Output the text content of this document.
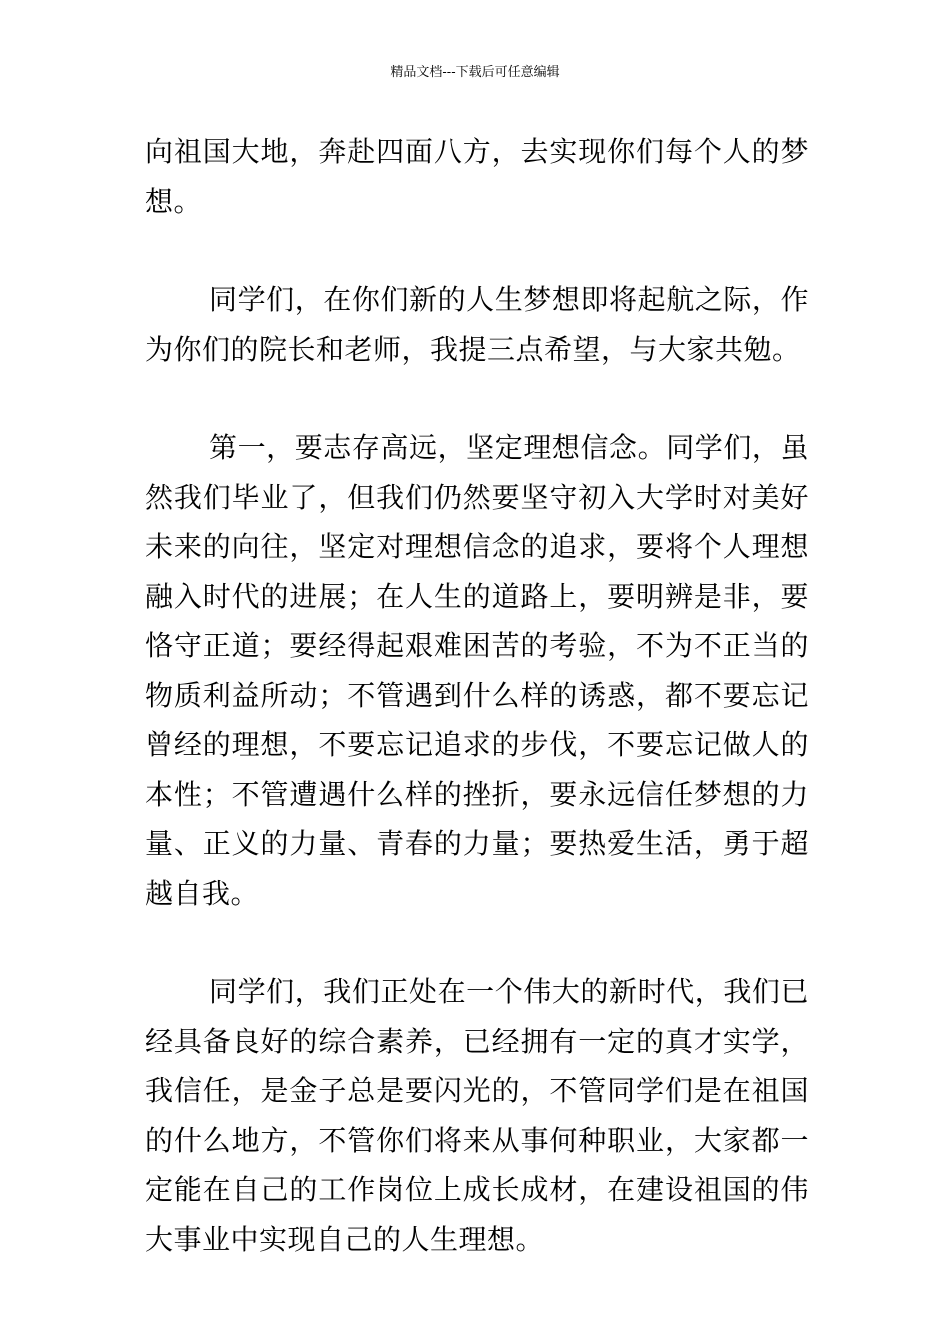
精品文档---下载后可任意编辑

向祖国大地，奔赴四面八方，去实现你们每个人的梦想。

同学们，在你们新的人生梦想即将起航之际，作为你们的院长和老师，我提三点希望，与大家共勉。

第一，要志存高远，坚定理想信念。同学们，虽然我们毕业了，但我们仍然要坚守初入大学时对美好未来的向往，坚定对理想信念的追求，要将个人理想融入时代的进展；在人生的道路上，要明辨是非，要恪守正道；要经得起艰难困苦的考验，不为不正当的物质利益所动；不管遇到什么样的诱惑，都不要忘记曾经的理想，不要忘记追求的步伐，不要忘记做人的本性；不管遭遇什么样的挫折，要永远信任梦想的力量、正义的力量、青春的力量；要热爱生活，勇于超越自我。

同学们，我们正处在一个伟大的新时代，我们已经具备良好的综合素养，已经拥有一定的真才实学，我信任，是金子总是要闪光的，不管同学们是在祖国的什么地方，不管你们将来从事何种职业，大家都一定能在自己的工作岗位上成长成材，在建设祖国的伟大事业中实现自己的人生理想。
